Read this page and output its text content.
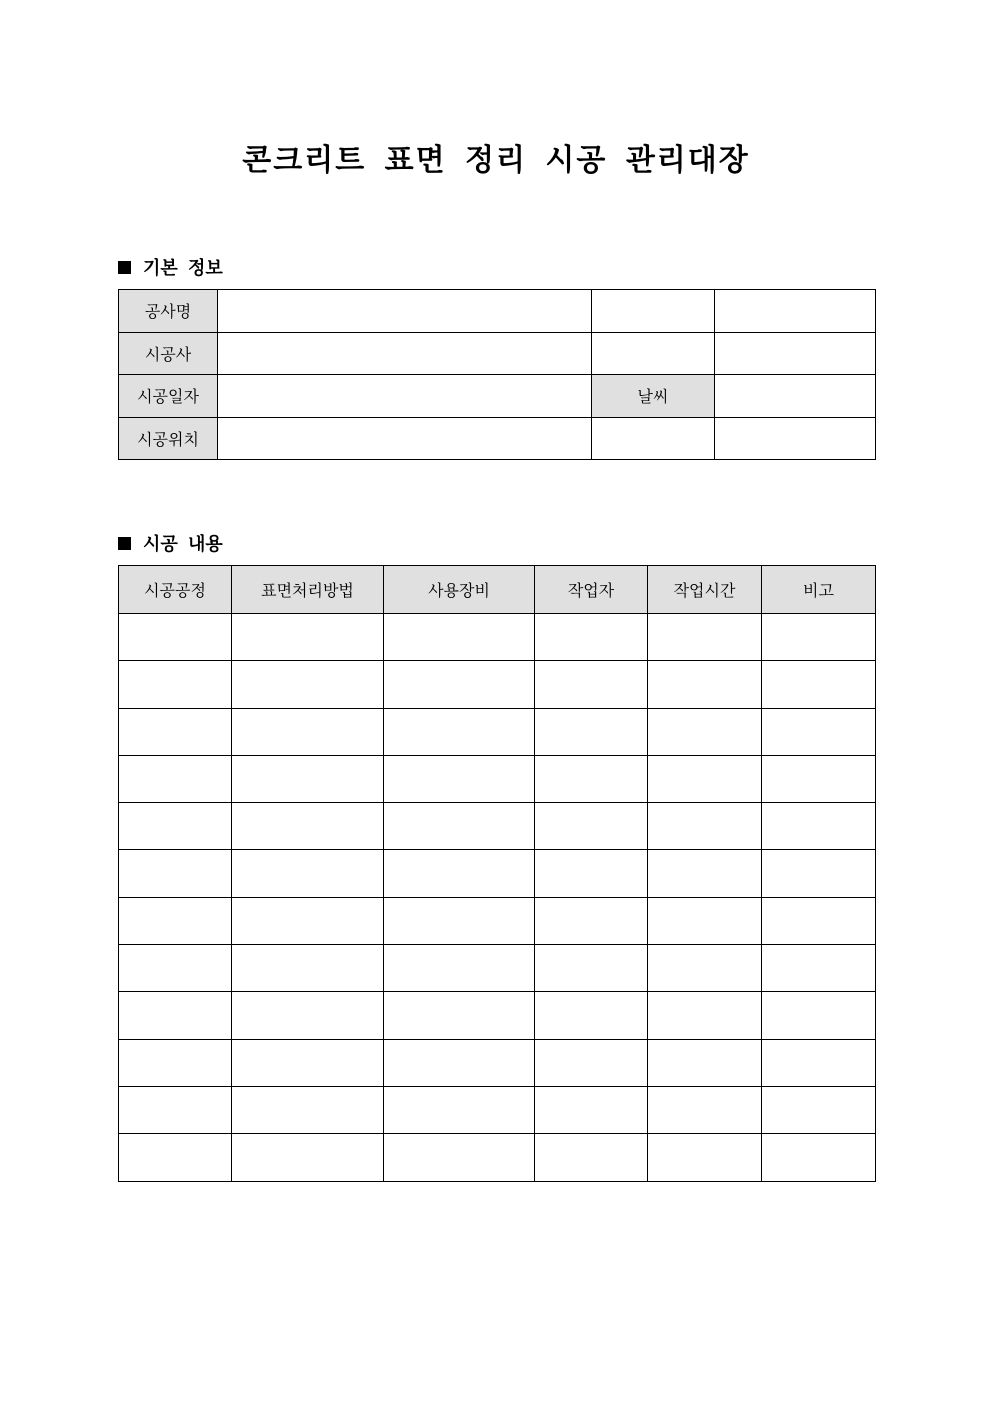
콘크리트 표면 정리 시공 관리대장
기본 정보
공사명			
시공사			
시공일자		날씨	
시공위치			
시공 내용
시공공정	표면처리방법	사용장비	작업자	작업시간	비고
